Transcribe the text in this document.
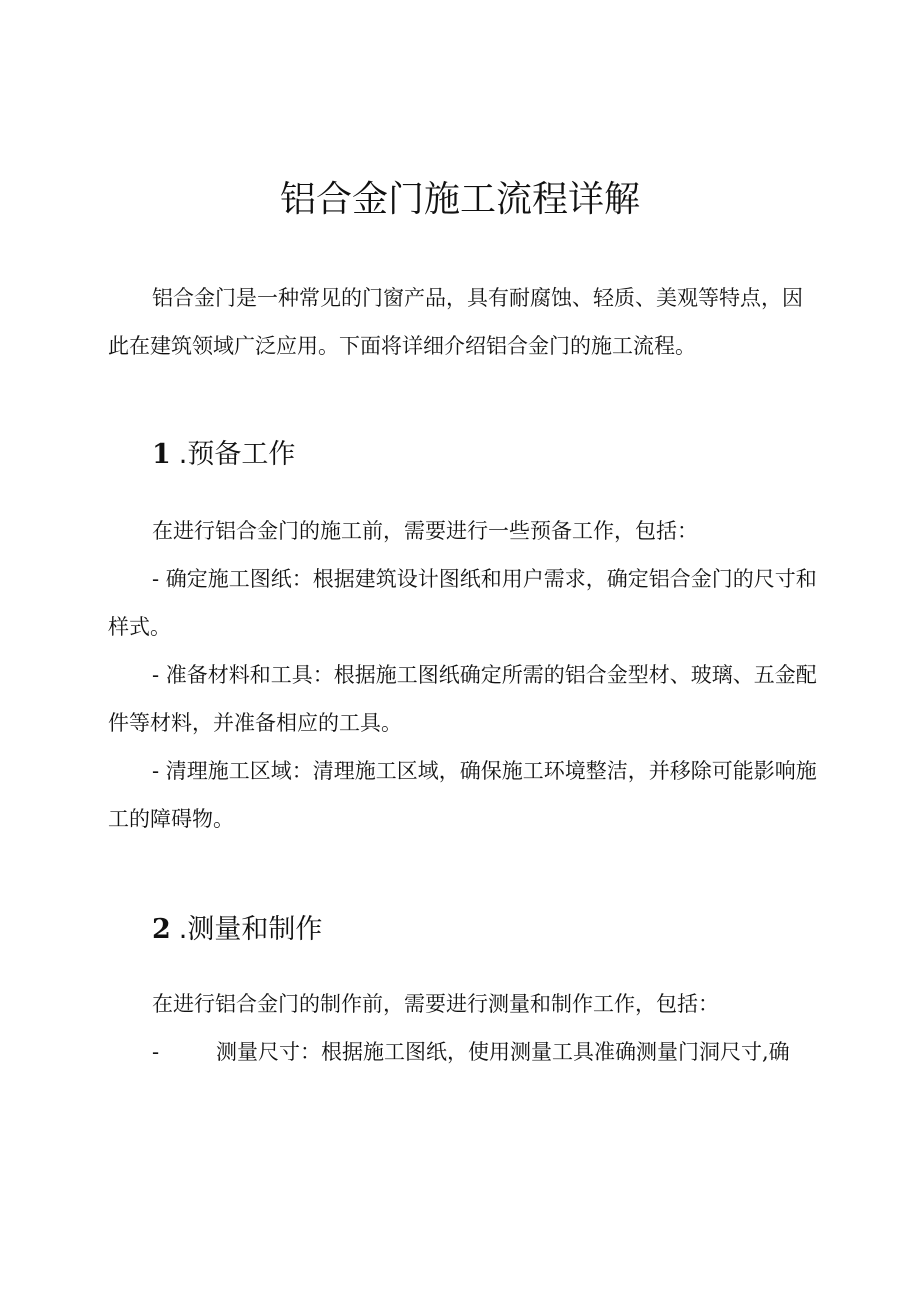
铝合金门施工流程详解

铝合金门是一种常见的门窗产品，具有耐腐蚀、轻质、美观等特点，因此在建筑领域广泛应用。下面将详细介绍铝合金门的施工流程。

1 .预备工作

在进行铝合金门的施工前，需要进行一些预备工作，包括：

- 确定施工图纸：根据建筑设计图纸和用户需求，确定铝合金门的尺寸和样式。

- 准备材料和工具：根据施工图纸确定所需的铝合金型材、玻璃、五金配件等材料，并准备相应的工具。

- 清理施工区域：清理施工区域，确保施工环境整洁，并移除可能影响施工的障碍物。

2 .测量和制作

在进行铝合金门的制作前，需要进行测量和制作工作，包括：

-	测量尺寸：根据施工图纸，使用测量工具准确测量门洞尺寸,确
